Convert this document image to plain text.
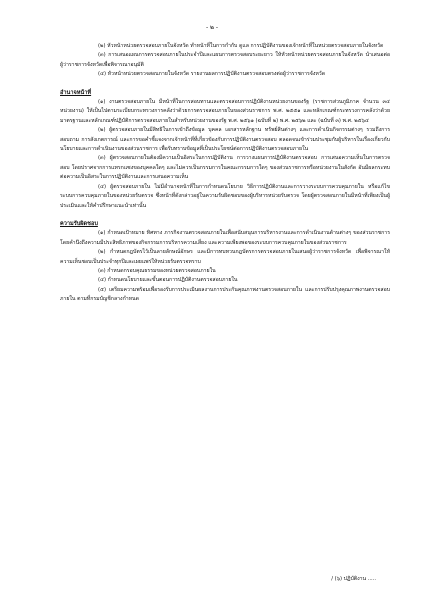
- ๒ -

(๒) หัวหน้าหน่วยตรวจสอบภายในจังหวัด ทำหน้าที่ในการกำกับ ดูแล การปฏิบัติงานของเจ้าหน้าที่ในหน่วยตรวจสอบภายในจังหวัด

(๓) การเสนอแผนการตรวจสอบภายในประจำปีและแผนการตรวจสอบระยะยาว ให้หัวหน้าหน่วยตรวจสอบภายในจังหวัด นำเสนอต่อผู้ว่าราชการจังหวัดเพื่อพิจารณาอนุมัติ

(๔) หัวหน้าหน่วยตรวจสอบภายในจังหวัด รายงานผลการปฏิบัติงานตรวจสอบตรงต่อผู้ว่าราชการจังหวัด

อำนาจหน้าที่

(๑) งานตรวจสอบภายใน มีหน้าที่ในการสอบทานและตรวจสอบการปฏิบัติงานหน่วยงานของรัฐ (ราชการส่วนภูมิภาค จำนวน ๓๔ หน่วยงาน) ให้เป็นไปตามระเบียบกระทรวงการคลังว่าด้วยการตรวจสอบภายในของส่วนราชการ พ.ศ. ๒๕๕๑ และหลักเกณฑ์กระทรวงการคลังว่าด้วยมาตรฐานและหลักเกณฑ์ปฏิบัติการตรวจสอบภายในสำหรับหน่วยงานของรัฐ พ.ศ. ๒๕๖๑ (ฉบับที่ ๒) พ.ศ. ๒๕๖๒ และ (ฉบับที่ ๓) พ.ศ. ๒๕๖๔

(๒) ผู้ตรวจสอบภายในมีสิทธิในการเข้าถึงข้อมูล บุคคล เอกสารหลักฐาน ทรัพย์สินต่างๆ และการดำเนินกิจกรรมต่างๆ รวมถึงการสอบถาม การสังเกตการณ์ และการขอคำชี้แจงจากเจ้าหน้าที่ที่เกี่ยวข้องกับการปฏิบัติงานตรวจสอบ ตลอดจนเข้าร่วมประชุมกับผู้บริหารในเรื่องเกี่ยวกับนโยบายและการดำเนินงานของส่วนราชการ เพื่อรับทราบข้อมูลที่เป็นประโยชน์ต่อการปฏิบัติงานตรวจสอบภายใน

(๓) ผู้ตรวจสอบภายในต้องมีความเป็นอิสระในการปฏิบัติงาน การวางแผนการปฏิบัติงานตรวจสอบ การเสนอความเห็นในการตรวจสอบ โดยปราศจากการแทรกแซงของบุคคลใดๆ และไม่ควรเป็นกรรมการในคณะกรรมการใดๆ ของส่วนราชการหรือหน่วยงานในสังกัด อันมีผลกระทบต่อความเป็นอิสระในการปฏิบัติงานและการเสนอความเห็น

(๔) ผู้ตรวจสอบภายใน ไม่มีอำนาจหน้าที่ในการกำหนดนโยบาย วิธีการปฏิบัติงานและการวางระบบการควบคุมภายใน หรือแก้ไขระบบการควบคุมภายในของหน่วยรับตรวจ ซึ่งหน้าที่ดังกล่าวอยู่ในความรับผิดชอบของผู้บริหารหน่วยรับตรวจ โดยผู้ตรวจสอบภายในมีหน้าที่เพียงเป็นผู้ประเมินและให้คำปรึกษาแนะนำเท่านั้น

ความรับผิดชอบ

(๑) กำหนดเป้าหมาย ทิศทาง ภารกิจงานตรวจสอบภายในเพื่อสนับสนุนการบริหารงานและการดำเนินงานด้านต่างๆ ของส่วนราชการ โดยคำนึงถึงความมีประสิทธิภาพของกิจกรรมการบริหารความเสี่ยง และความเพียงพอของระบบการควบคุมภายในของส่วนราชการ

(๒) กำหนดกฎบัตรไว้เป็นลายลักษณ์อักษร และมีการทบทวนกฎบัตรการตรวจสอบภายในเสนอผู้ว่าราชการจังหวัด เพื่อพิจารณาให้ความเห็นชอบเป็นประจำทุกปีและเผยแพร่ให้หน่วยรับตรวจทราบ

(๓) กำหนดกรอบคุณธรรมของหน่วยตรวจสอบภายใน

(๔) กำหนดนโยบายและขั้นตอนการปฏิบัติงานตรวจสอบภายใน

(๕) เตรียมความพร้อมเพื่อรองรับการประเมินผลงานการประกันคุณภาพงานตรวจสอบภายใน และการปรับปรุงคุณภาพงานตรวจสอบภายใน ตามที่กรมบัญชีกลางกำหนด

/ (๖) ปฏิบัติงาน .....
